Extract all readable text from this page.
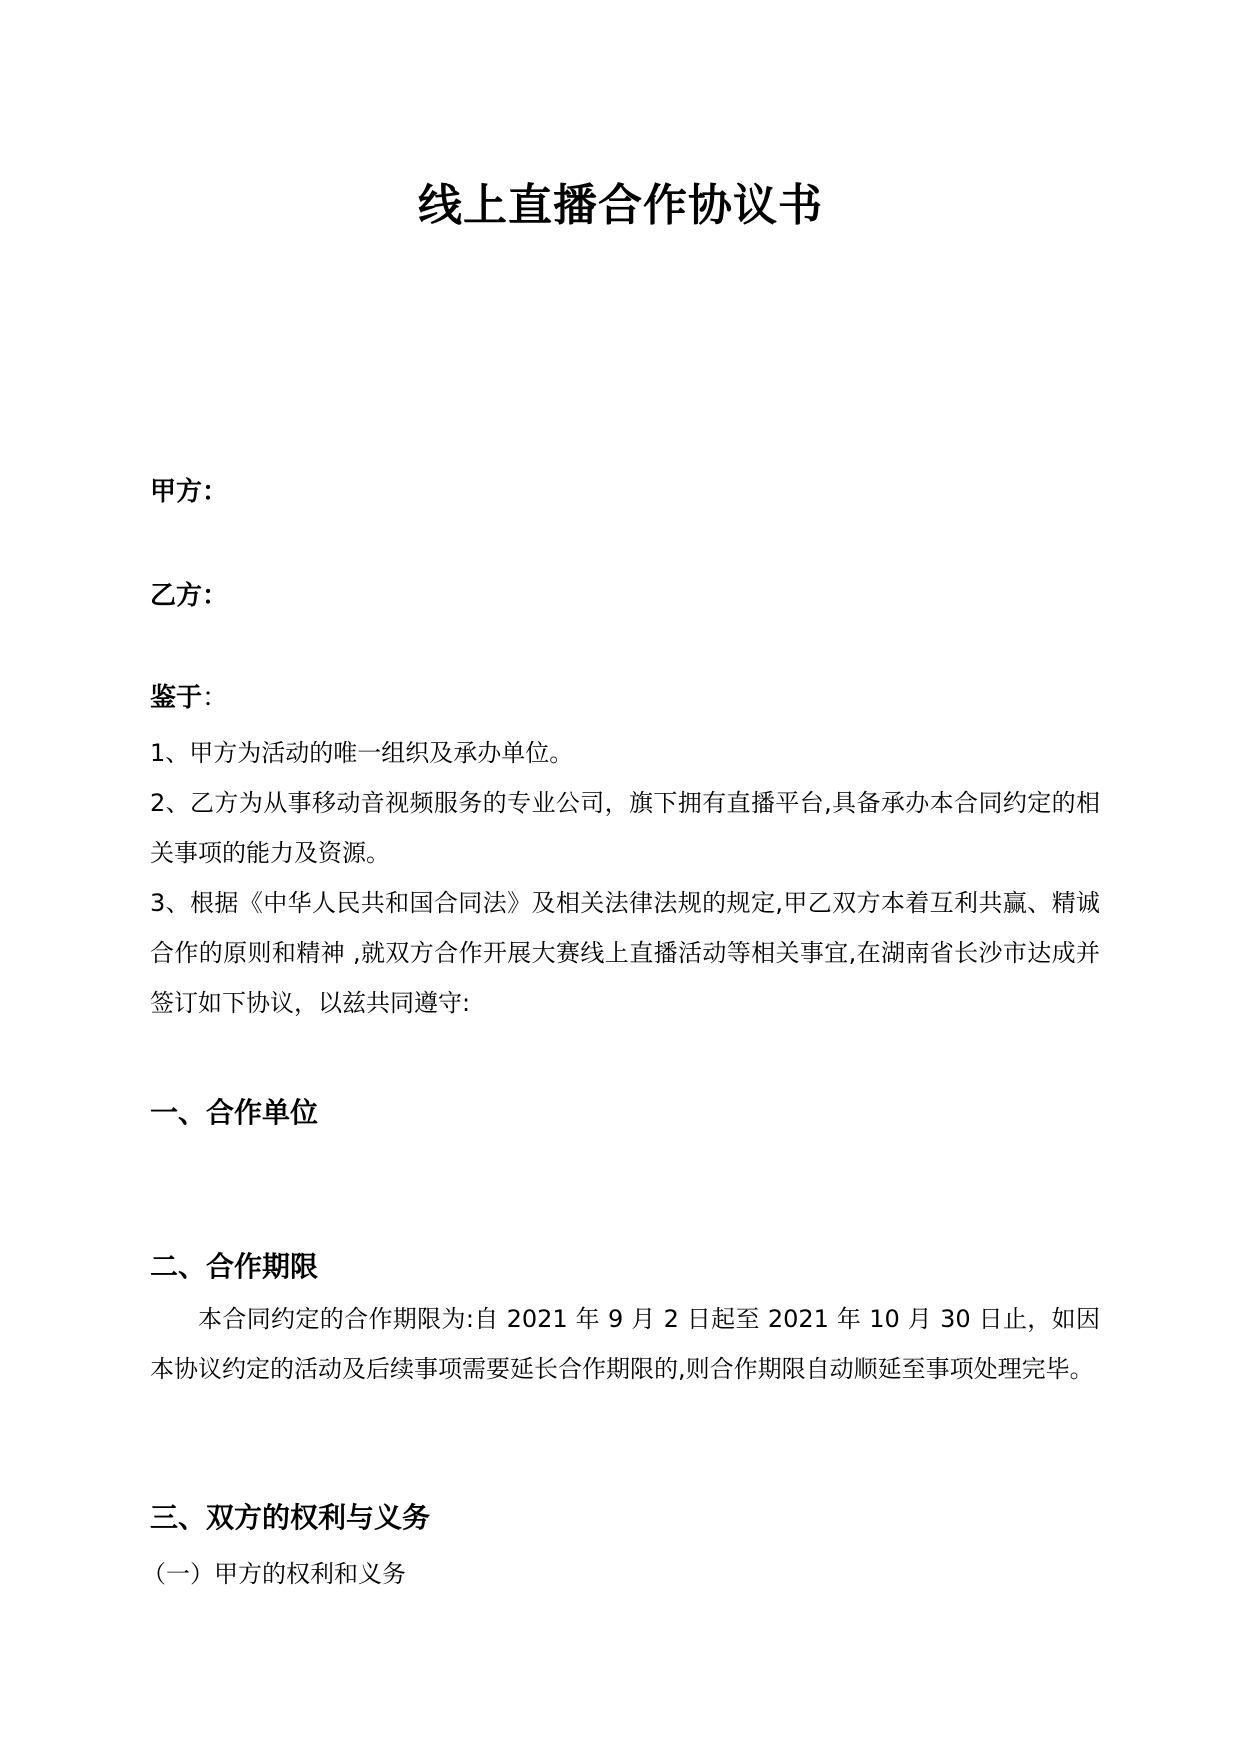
线上直播合作协议书
甲方：
乙方：
鉴于：
1、甲方为活动的唯一组织及承办单位。
2、乙方为从事移动音视频服务的专业公司，旗下拥有直播平台,具备承办本合同约定的相关事项的能力及资源。
3、根据《中华人民共和国合同法》及相关法律法规的规定,甲乙双方本着互利共赢、精诚合作的原则和精神 ,就双方合作开展大赛线上直播活动等相关事宜,在湖南省长沙市达成并签订如下协议，以兹共同遵守:
一、合作单位
二、合作期限
本合同约定的合作期限为:自 2021 年 9 月 2 日起至 2021 年 10 月 30 日止，如因本协议约定的活动及后续事项需要延长合作期限的,则合作期限自动顺延至事项处理完毕。
三、双方的权利与义务
（一）甲方的权利和义务
